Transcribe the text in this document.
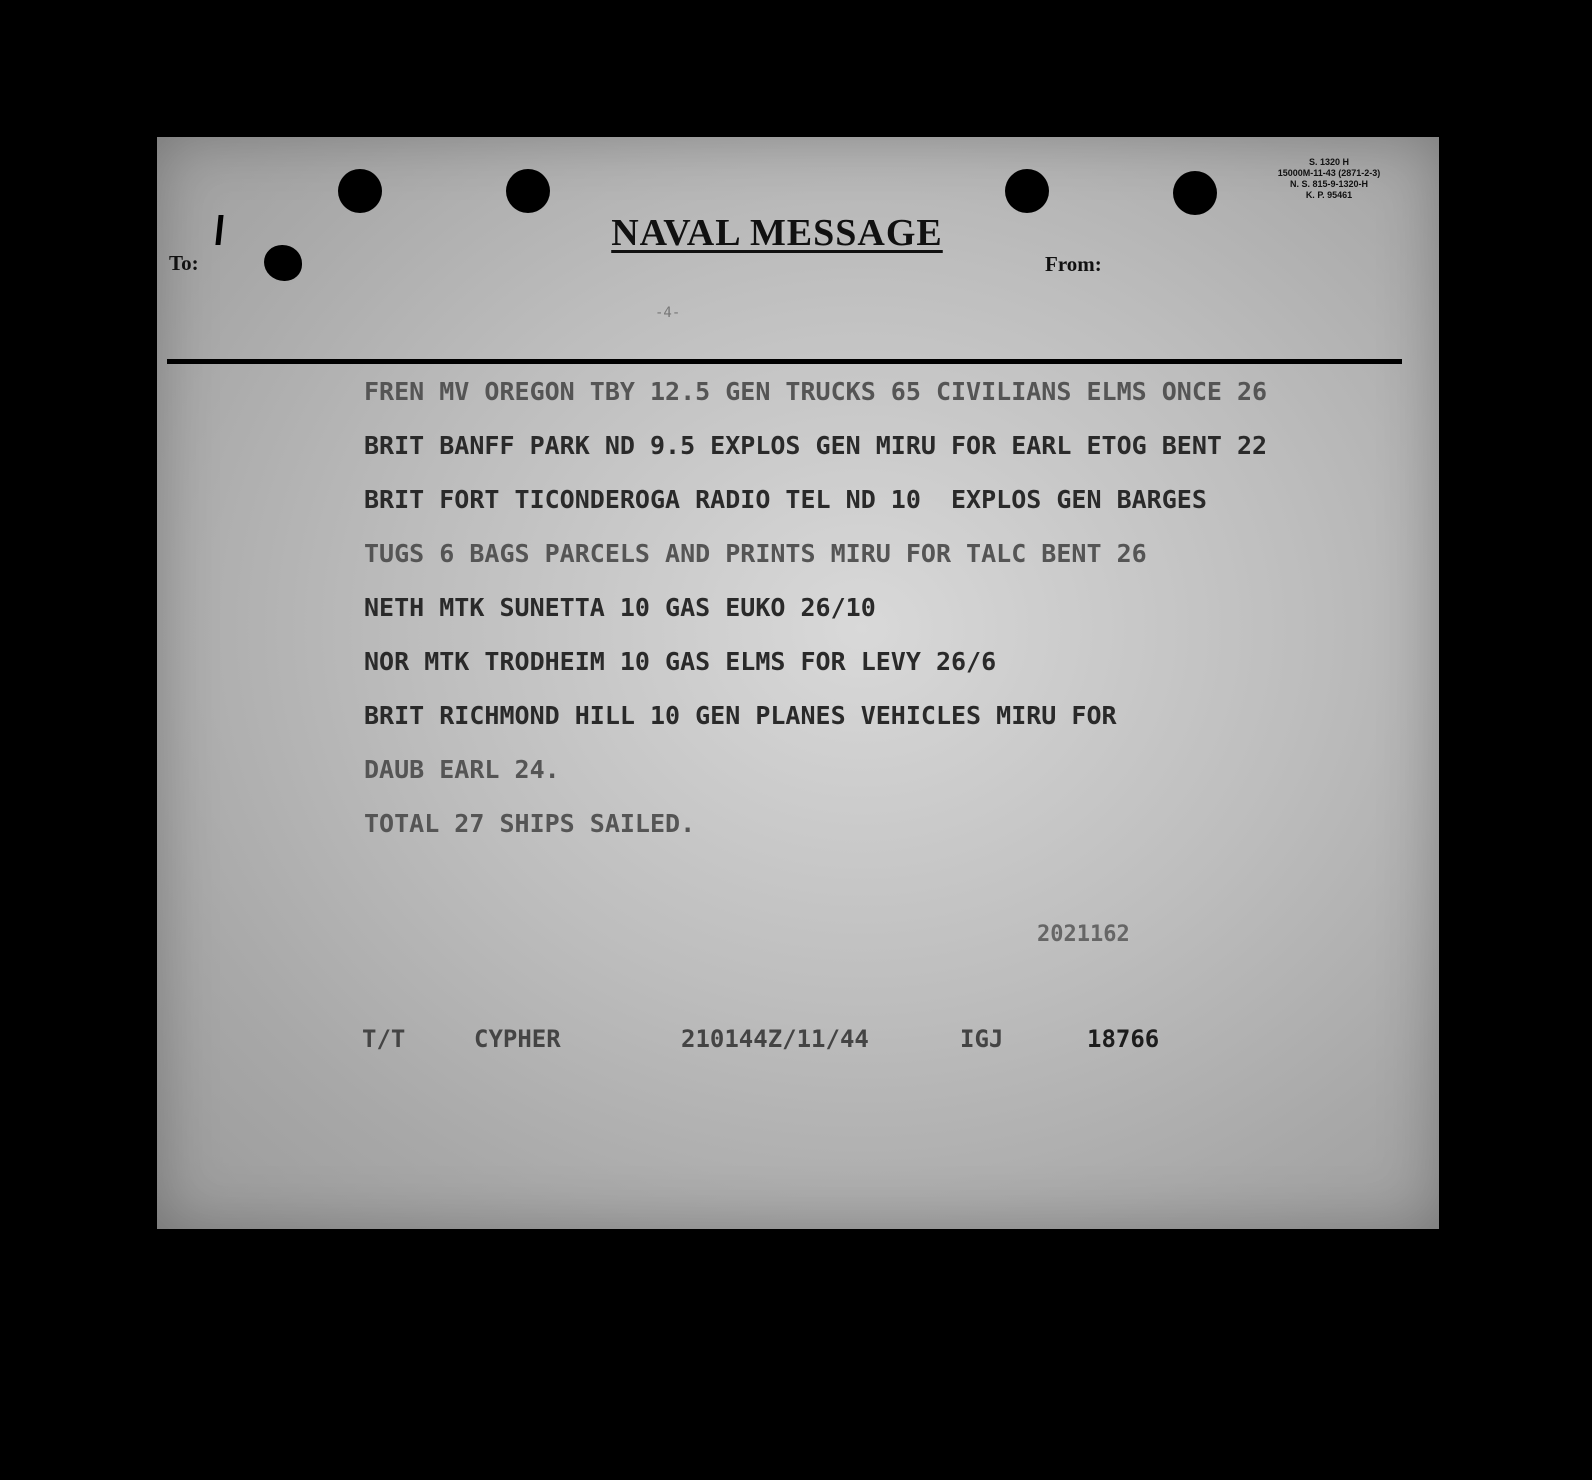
S. 1320 H
15000M-11-43 (2871-2-3)
N. S. 815-9-1320-H
K. P. 95461
NAVAL MESSAGE
To:	From:
-4-
FREN MV OREGON TBY 12.5 GEN TRUCKS 65 CIVILIANS ELMS ONCE 26
BRIT BANFF PARK ND 9.5 EXPLOS GEN MIRU FOR EARL ETOG BENT 22
BRIT FORT TICONDEROGA RADIO TEL ND 10  EXPLOS GEN BARGES
TUGS 6 BAGS PARCELS AND PRINTS MIRU FOR TALC BENT 26
NETH MTK SUNETTA 10 GAS EUKO 26/10
NOR MTK TRODHEIM 10 GAS ELMS FOR LEVY 26/6
BRIT RICHMOND HILL 10 GEN PLANES VEHICLES MIRU FOR
DAUB EARL 24.
TOTAL 27 SHIPS SAILED.
2021162
T/T	CYPHER	210144Z/11/44	IGJ	18766
